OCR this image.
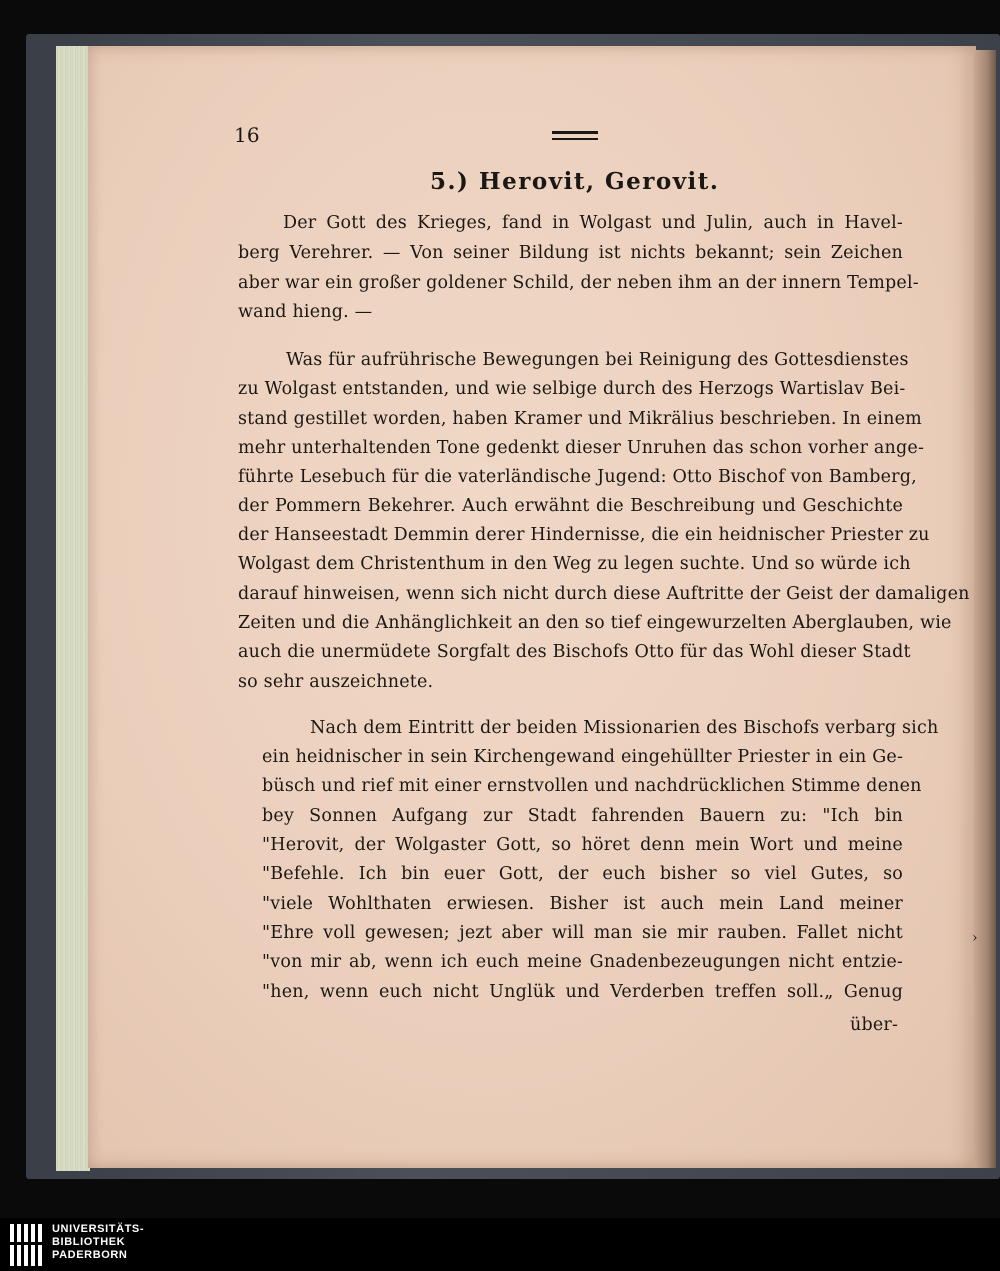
›
16
5.) Herovit, Gerovit.
Der Gott des Krieges, fand in Wolgast und Julin, auch in Havel-
berg Verehrer. — Von seiner Bildung ist nichts bekannt; sein Zeichen
aber war ein großer goldener Schild, der neben ihm an der innern Tempel-
wand hieng. —
Was für aufrührische Bewegungen bei Reinigung des Gottesdienstes
zu Wolgast entstanden, und wie selbige durch des Herzogs Wartislav Bei-
stand gestillet worden, haben Kramer und Mikrälius beschrieben. In einem
mehr unterhaltenden Tone gedenkt dieser Unruhen das schon vorher ange-
führte Lesebuch für die vaterländische Jugend: Otto Bischof von Bamberg,
der Pommern Bekehrer. Auch erwähnt die Beschreibung und Geschichte
der Hanseestadt Demmin derer Hindernisse, die ein heidnischer Priester zu
Wolgast dem Christenthum in den Weg zu legen suchte. Und so würde ich
darauf hinweisen, wenn sich nicht durch diese Auftritte der Geist der damaligen
Zeiten und die Anhänglichkeit an den so tief eingewurzelten Aberglauben, wie
auch die unermüdete Sorgfalt des Bischofs Otto für das Wohl dieser Stadt
so sehr auszeichnete.
Nach dem Eintritt der beiden Missionarien des Bischofs verbarg sich
ein heidnischer in sein Kirchengewand eingehüllter Priester in ein Ge-
büsch und rief mit einer ernstvollen und nachdrücklichen Stimme denen
bey Sonnen Aufgang zur Stadt fahrenden Bauern zu: "Ich bin
"Herovit, der Wolgaster Gott, so höret denn mein Wort und meine
"Befehle. Ich bin euer Gott, der euch bisher so viel Gutes, so
"viele Wohlthaten erwiesen. Bisher ist auch mein Land meiner
"Ehre voll gewesen; jezt aber will man sie mir rauben. Fallet nicht
"von mir ab, wenn ich euch meine Gnadenbezeugungen nicht entzie-
"hen, wenn euch nicht Unglük und Verderben treffen soll.„ Genug
über-
UNIVERSITÄTS-
BIBLIOTHEK
PADERBORN
